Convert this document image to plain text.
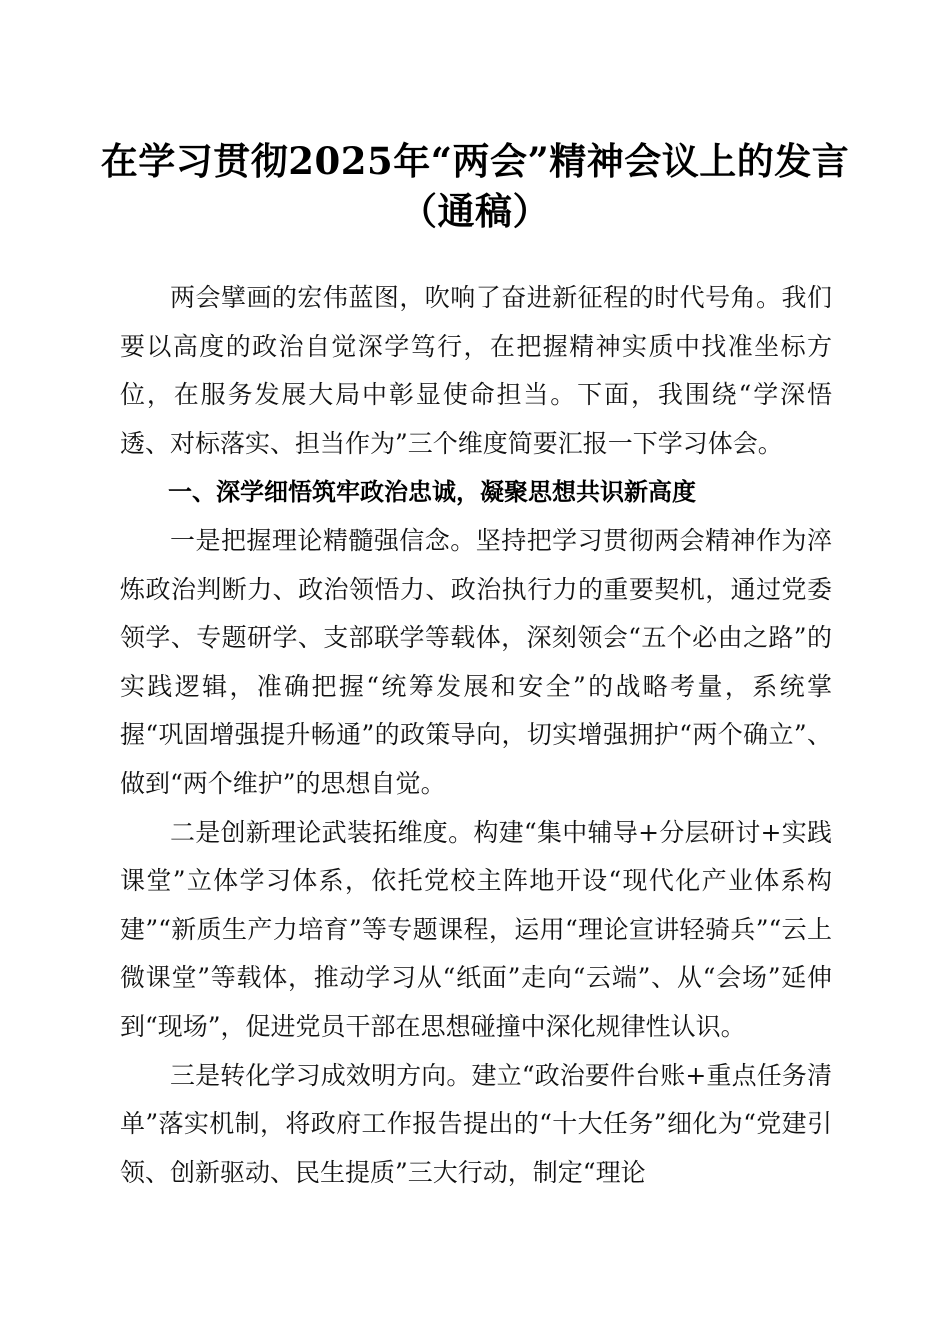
在学习贯彻2025年“两会”精神会议上的发言（通稿）

两会擘画的宏伟蓝图，吹响了奋进新征程的时代号角。我们要以高度的政治自觉深学笃行，在把握精神实质中找准坐标方位，在服务发展大局中彰显使命担当。下面，我围绕“学深悟透、对标落实、担当作为”三个维度简要汇报一下学习体会。

一、深学细悟筑牢政治忠诚，凝聚思想共识新高度

一是把握理论精髓强信念。坚持把学习贯彻两会精神作为淬炼政治判断力、政治领悟力、政治执行力的重要契机，通过党委领学、专题研学、支部联学等载体，深刻领会“五个必由之路”的实践逻辑，准确把握“统筹发展和安全”的战略考量，系统掌握“巩固增强提升畅通”的政策导向，切实增强拥护“两个确立”、做到“两个维护”的思想自觉。

二是创新理论武装拓维度。构建“集中辅导+分层研讨+实践课堂”立体学习体系，依托党校主阵地开设“现代化产业体系构建”“新质生产力培育”等专题课程，运用“理论宣讲轻骑兵”“云上微课堂”等载体，推动学习从“纸面”走向“云端”、从“会场”延伸到“现场”，促进党员干部在思想碰撞中深化规律性认识。

三是转化学习成效明方向。建立“政治要件台账+重点任务清单”落实机制，将政府工作报告提出的“十大任务”细化为“党建引领、创新驱动、民生提质”三大行动，制定“理论
